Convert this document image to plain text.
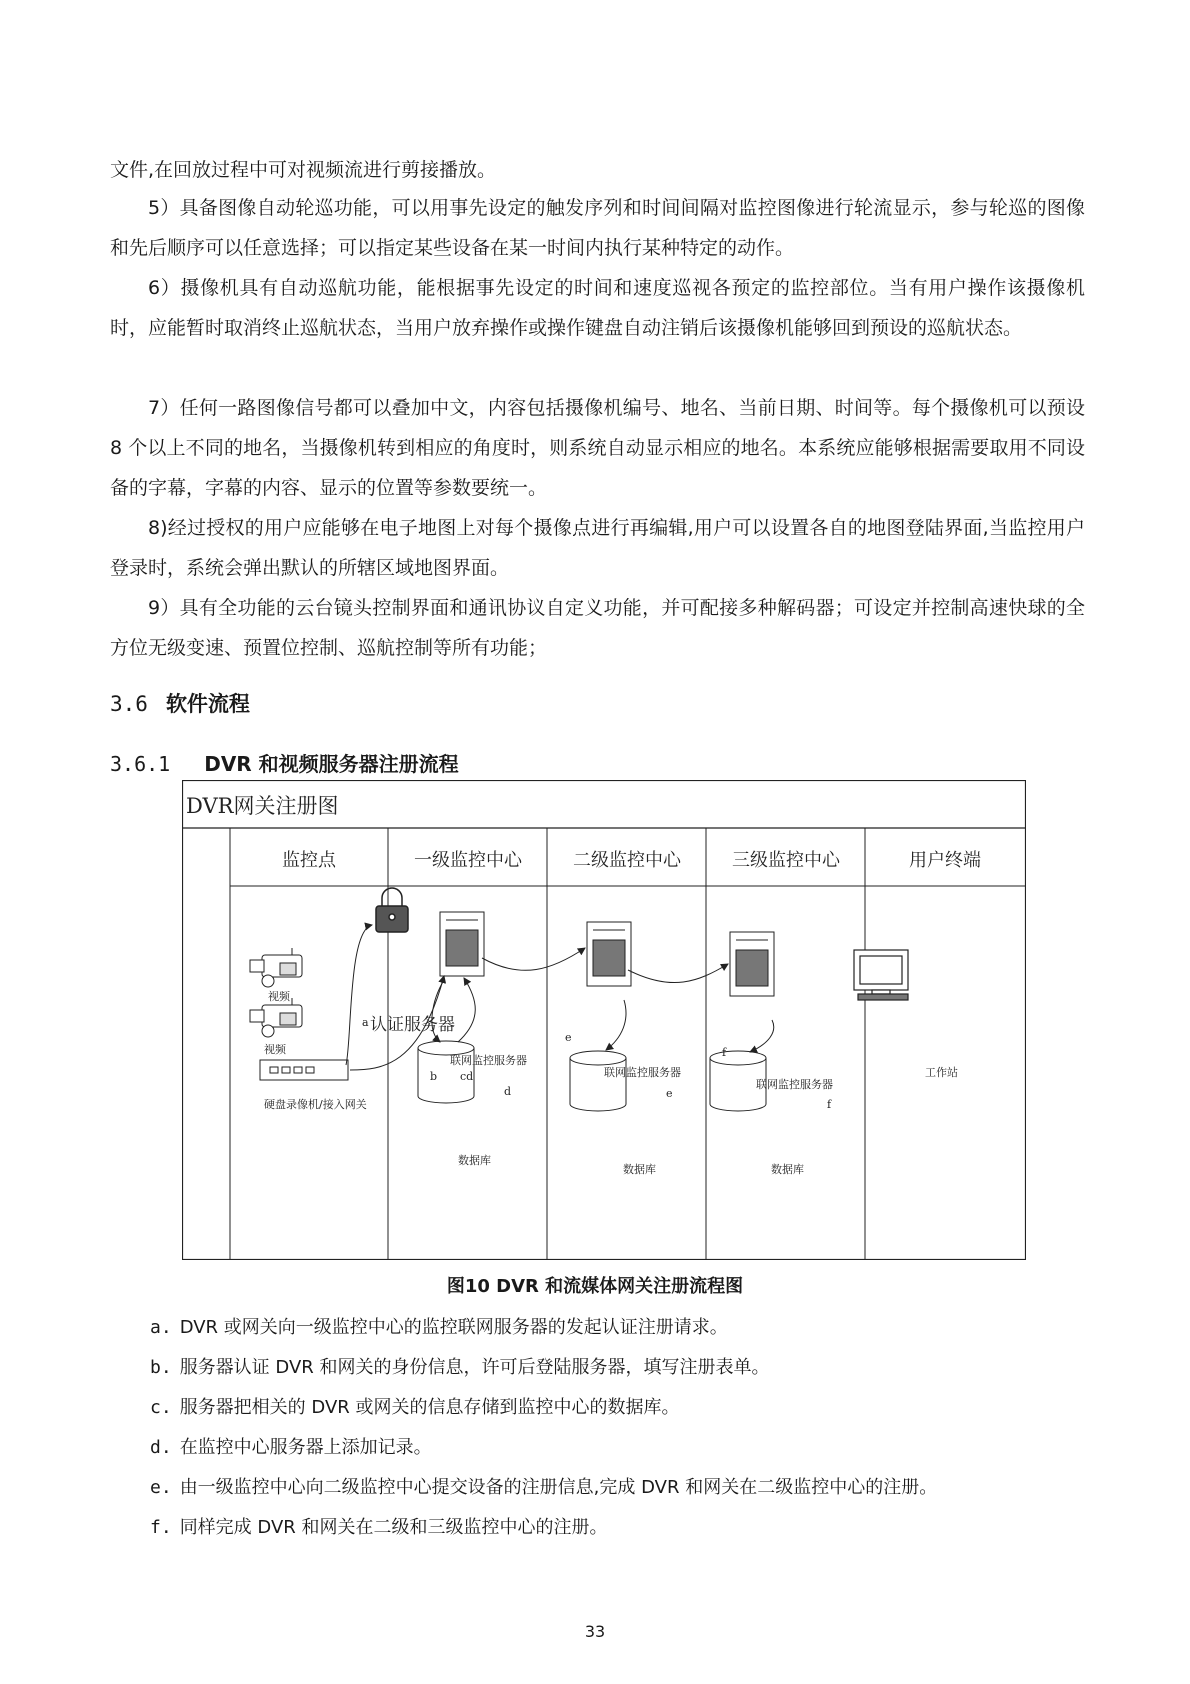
文件,在回放过程中可对视频流进行剪接播放。

5）具备图像自动轮巡功能，可以用事先设定的触发序列和时间间隔对监控图像进行轮流显示，参与轮巡的图像和先后顺序可以任意选择；可以指定某些设备在某一时间内执行某种特定的动作。

6）摄像机具有自动巡航功能，能根据事先设定的时间和速度巡视各预定的监控部位。当有用户操作该摄像机时，应能暂时取消终止巡航状态，当用户放弃操作或操作键盘自动注销后该摄像机能够回到预设的巡航状态。

7）任何一路图像信号都可以叠加中文，内容包括摄像机编号、地名、当前日期、时间等。每个摄像机可以预设 8 个以上不同的地名，当摄像机转到相应的角度时，则系统自动显示相应的地名。本系统应能够根据需要取用不同设备的字幕，字幕的内容、显示的位置等参数要统一。

8)经过授权的用户应能够在电子地图上对每个摄像点进行再编辑,用户可以设置各自的地图登陆界面,当监控用户登录时，系统会弹出默认的所辖区域地图界面。

9）具有全功能的云台镜头控制界面和通讯协议自定义功能，并可配接多种解码器；可设定并控制高速快球的全方位无级变速、预置位控制、巡航控制等所有功能；

3.6 软件流程
3.6.1 DVR 和视频服务器注册流程
DVR网关注册图
监控点	一级监控中心	二级监控中心	三级监控中心	用户终端
视频
视频
硬盘录像机/接入网关
认证服务器
联网监控服务器
联网监控服务器
联网监控服务器
数据库
数据库	数据库
工作站
a
b cd
d
e
e
f
f

图10 DVR 和流媒体网关注册流程图

a. DVR 或网关向一级监控中心的监控联网服务器的发起认证注册请求。
b. 服务器认证 DVR 和网关的身份信息，许可后登陆服务器，填写注册表单。
c. 服务器把相关的 DVR 或网关的信息存储到监控中心的数据库。
d. 在监控中心服务器上添加记录。
e. 由一级监控中心向二级监控中心提交设备的注册信息,完成 DVR 和网关在二级监控中心的注册。
f. 同样完成 DVR 和网关在二级和三级监控中心的注册。
33
